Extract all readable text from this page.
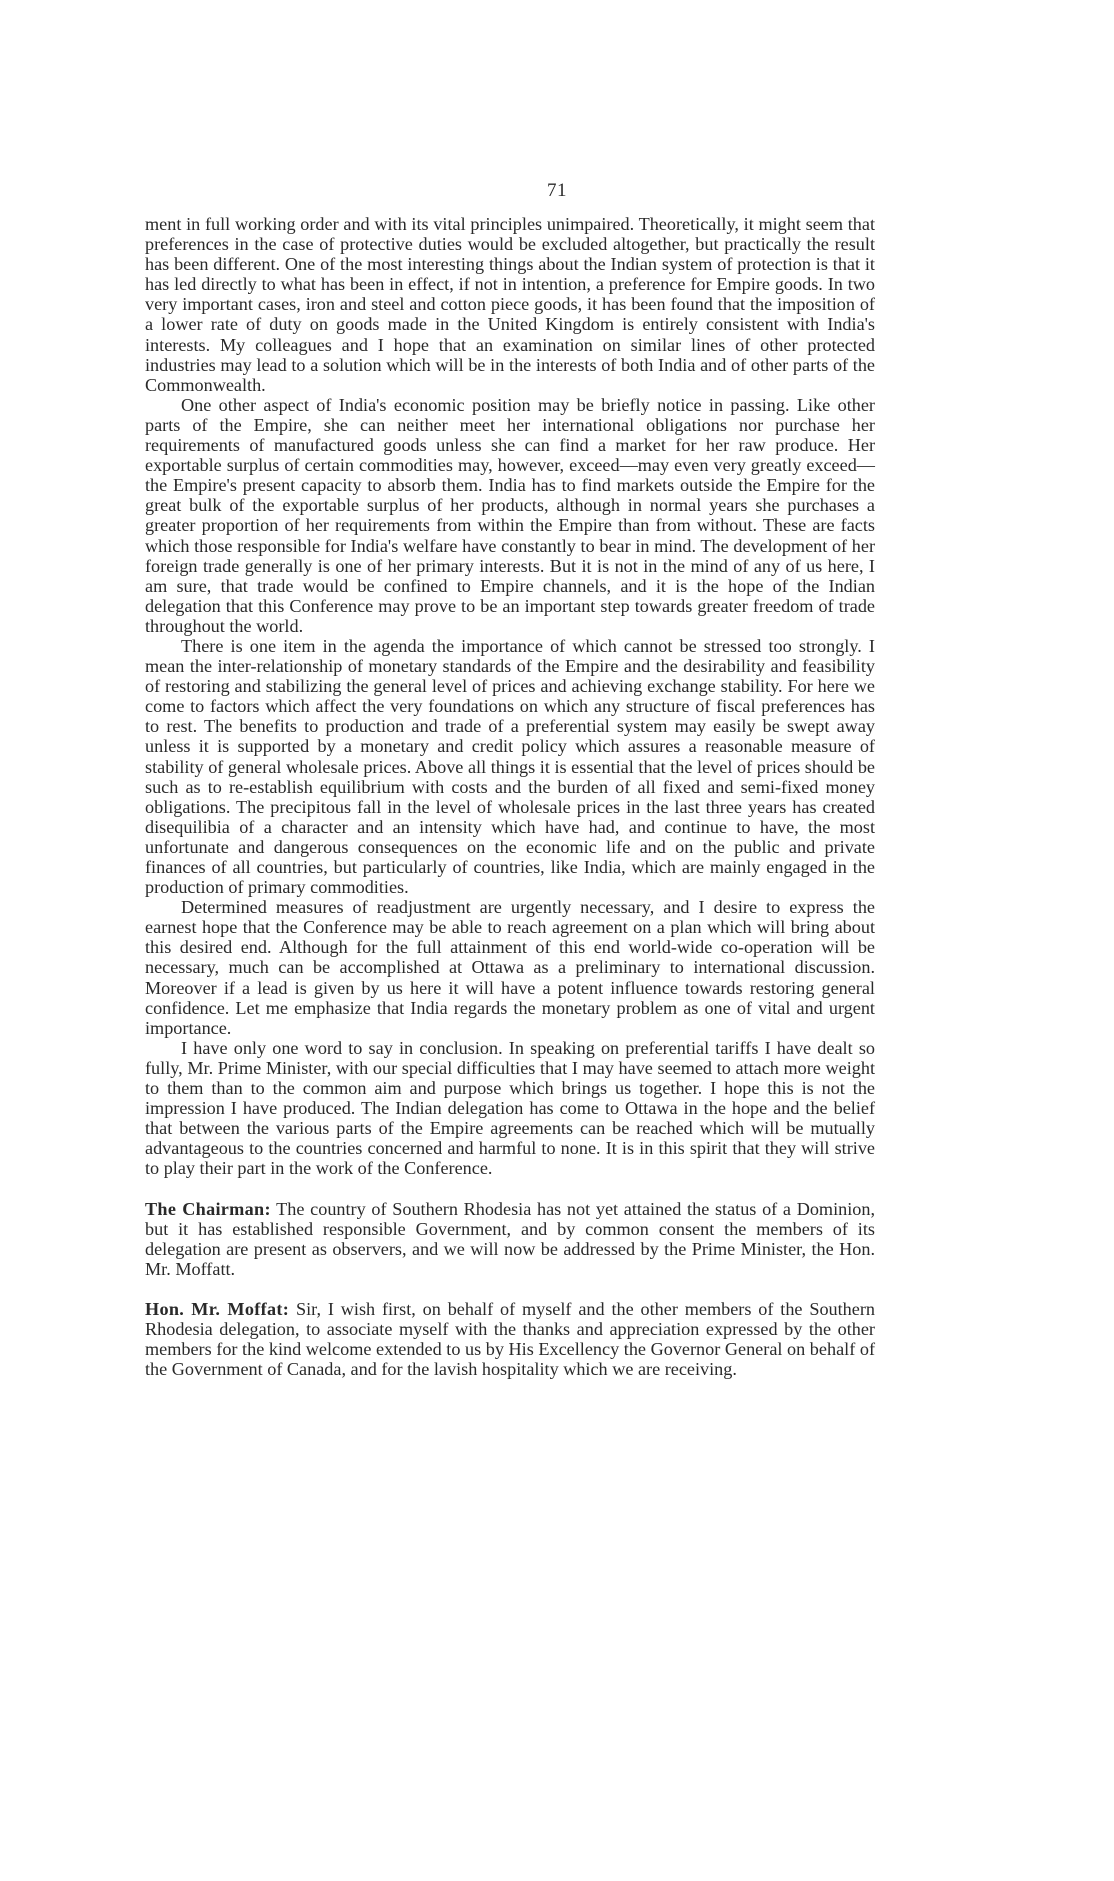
71

ment in full working order and with its vital principles unimpaired. Theoretically, it might seem that preferences in the case of protective duties would be excluded altogether, but practically the result has been different. One of the most interesting things about the Indian system of protection is that it has led directly to what has been in effect, if not in intention, a preference for Empire goods. In two very important cases, iron and steel and cotton piece goods, it has been found that the imposition of a lower rate of duty on goods made in the United Kingdom is entirely consistent with India's interests. My colleagues and I hope that an examination on similar lines of other protected industries may lead to a solution which will be in the interests of both India and of other parts of the Commonwealth.

One other aspect of India's economic position may be briefly notice in passing. Like other parts of the Empire, she can neither meet her international obligations nor purchase her requirements of manufactured goods unless she can find a market for her raw produce. Her exportable surplus of certain commodities may, however, exceed—may even very greatly exceed—the Empire's present capacity to absorb them. India has to find markets outside the Empire for the great bulk of the exportable surplus of her products, although in normal years she purchases a greater proportion of her requirements from within the Empire than from without. These are facts which those responsible for India's welfare have constantly to bear in mind. The development of her foreign trade generally is one of her primary interests. But it is not in the mind of any of us here, I am sure, that trade would be confined to Empire channels, and it is the hope of the Indian delegation that this Conference may prove to be an important step towards greater freedom of trade throughout the world.

There is one item in the agenda the importance of which cannot be stressed too strongly. I mean the inter-relationship of monetary standards of the Empire and the desirability and feasibility of restoring and stabilizing the general level of prices and achieving exchange stability. For here we come to factors which affect the very foundations on which any structure of fiscal preferences has to rest. The benefits to production and trade of a preferential system may easily be swept away unless it is supported by a monetary and credit policy which assures a reasonable measure of stability of general wholesale prices. Above all things it is essential that the level of prices should be such as to re-establish equilibrium with costs and the burden of all fixed and semi-fixed money obligations. The precipitous fall in the level of wholesale prices in the last three years has created disequilibia of a character and an intensity which have had, and continue to have, the most unfortunate and dangerous consequences on the economic life and on the public and private finances of all countries, but particularly of countries, like India, which are mainly engaged in the production of primary commodities.

Determined measures of readjustment are urgently necessary, and I desire to express the earnest hope that the Conference may be able to reach agreement on a plan which will bring about this desired end. Although for the full attainment of this end world-wide co-operation will be necessary, much can be accomplished at Ottawa as a preliminary to international discussion. Moreover if a lead is given by us here it will have a potent influence towards restoring general confidence. Let me emphasize that India regards the monetary problem as one of vital and urgent importance.

I have only one word to say in conclusion. In speaking on preferential tariffs I have dealt so fully, Mr. Prime Minister, with our special difficulties that I may have seemed to attach more weight to them than to the common aim and purpose which brings us together. I hope this is not the impression I have produced. The Indian delegation has come to Ottawa in the hope and the belief that between the various parts of the Empire agreements can be reached which will be mutually advantageous to the countries concerned and harmful to none. It is in this spirit that they will strive to play their part in the work of the Conference.

The Chairman: The country of Southern Rhodesia has not yet attained the status of a Dominion, but it has established responsible Government, and by common consent the members of its delegation are present as observers, and we will now be addressed by the Prime Minister, the Hon. Mr. Moffatt.

Hon. Mr. Moffat: Sir, I wish first, on behalf of myself and the other members of the Southern Rhodesia delegation, to associate myself with the thanks and appreciation expressed by the other members for the kind welcome extended to us by His Excellency the Governor General on behalf of the Government of Canada, and for the lavish hospitality which we are receiving.
